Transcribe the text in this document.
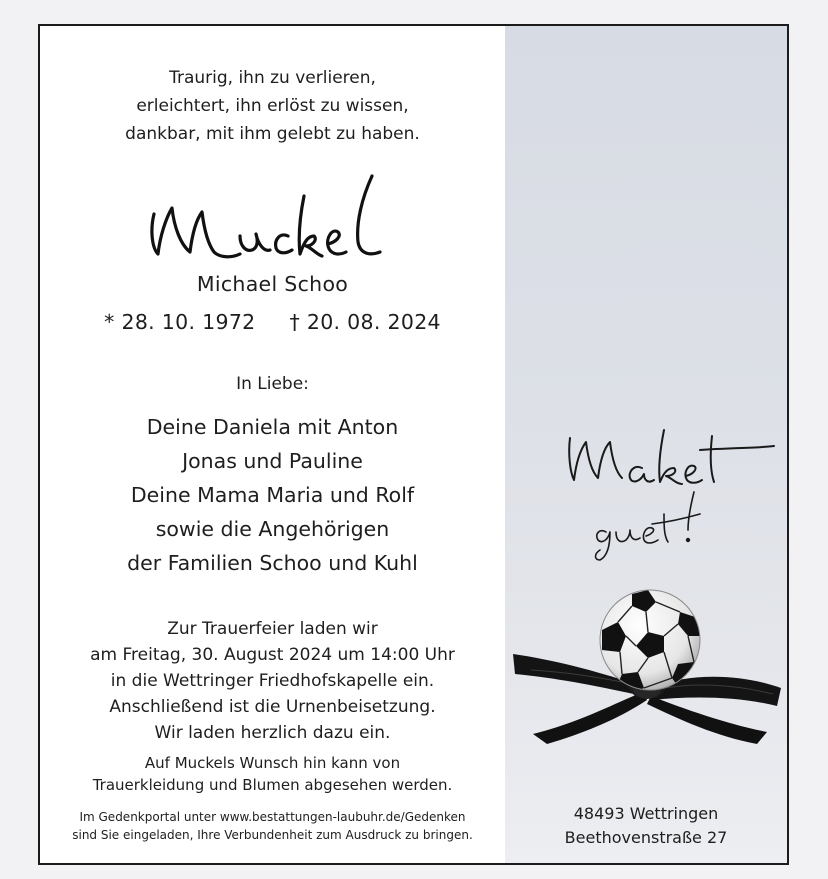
Traurig, ihn zu verlieren,
erleichtert, ihn erlöst zu wissen,
dankbar, mit ihm gelebt zu haben.
Michael Schoo
* 28. 10. 1972 † 20. 08. 2024
In Liebe:
Deine Daniela mit Anton
Jonas und Pauline
Deine Mama Maria und Rolf
sowie die Angehörigen
der Familien Schoo und Kuhl
Zur Trauerfeier laden wir
am Freitag, 30. August 2024 um 14:00 Uhr
in die Wettringer Friedhofskapelle ein.
Anschließend ist die Urnenbeisetzung.
Wir laden herzlich dazu ein.
Auf Muckels Wunsch hin kann von
Trauerkleidung und Blumen abgesehen werden.
Im Gedenkportal unter www.bestattungen-laubuhr.de/Gedenken
sind Sie eingeladen, Ihre Verbundenheit zum Ausdruck zu bringen.
48493 Wettringen
Beethovenstraße 27
